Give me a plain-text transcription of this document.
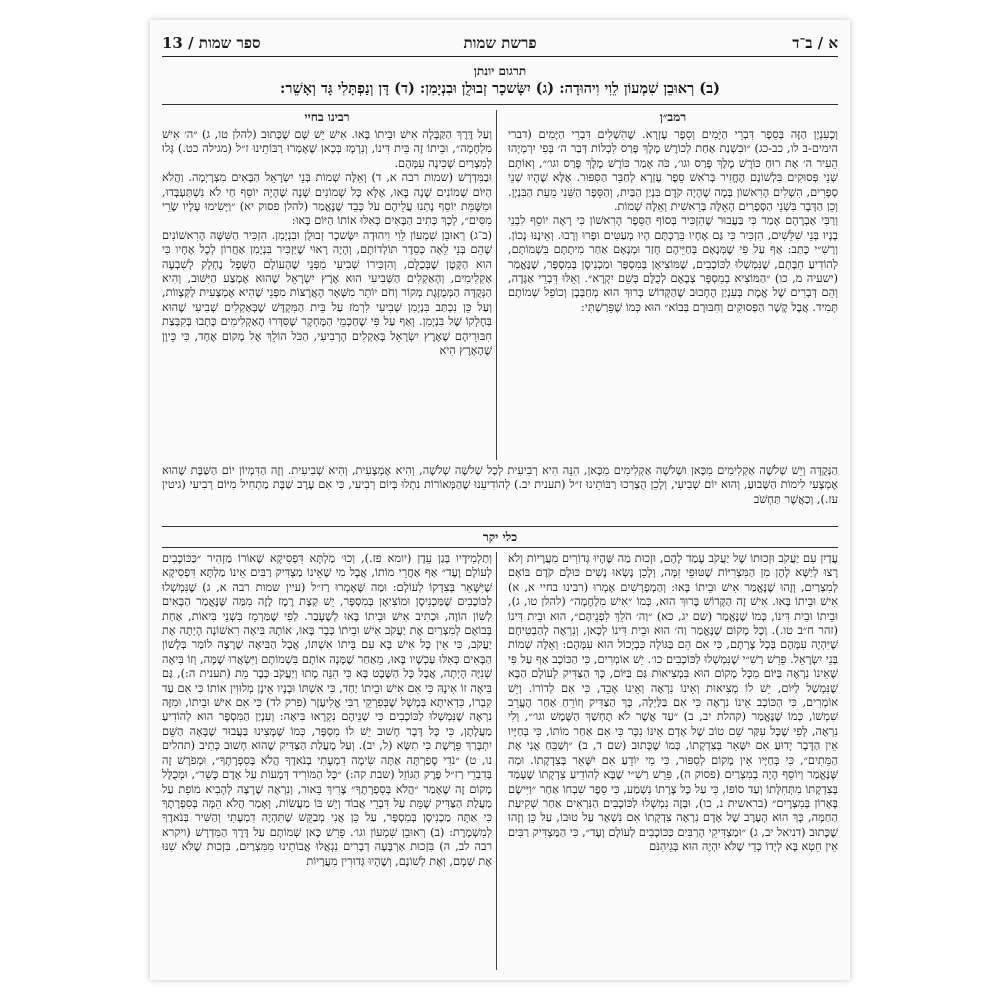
א / ב־ד
פרשת שמות
ספר שמות / 13
תרגום יונתן
(ב) רְאוּבֵן שִׁמְעוֹן לֵוִי וִיהוּדָה: (ג) יִשָּׂשכָר זְבוּלֻן וּבִנְיָמִן: (ד) דָּן וְנַפְתָּלִי גָּד וְאָשֵׁר:
רמב״ן

וְכָעִנְיָן הַזֶּה בְּסֵפֶר דִּבְרֵי הַיָּמִים וְסֵפֶר עֶזְרָא. שֶׁהִשְׁלִים דִּבְרֵי הַיָּמִים (דברי הימים-ב לו, כב-כג) ״וּבִשְׁנַת אַחַת לְכוֹרֶשׁ מֶלֶךְ פָּרַס לִכְלוֹת דְּבַר ה׳ בְּפִי יִרְמְיָהוּ הֵעִיר ה׳ אֶת רוּחַ כּוֹרֶשׁ מֶלֶךְ פָּרַס וגו׳, כֹּה אָמַר כּוֹרֶשׁ מֶלֶךְ פָּרַס וגו׳״, וְאוֹתָם שְׁנֵי פְּסוּקִים בִּלְשׁוֹנָם הֶחֱזִיר בְּרֹאשׁ סֵפֶר עֶזְרָא לְחַבֵּר הַסִּפּוּר. אֶלָּא שֶׁהָיוּ שְׁנֵי סְפָרִים, הִשְׁלִים הָרִאשׁוֹן בְּמָה שֶׁהָיָה קֹדֶם בִּנְיַן הַבַּיִת, וְהַסֵּפֶר הַשֵּׁנִי מֵעֵת הַבִּנְיָן. וְכֵן הַדָּבָר בִּשְׁנֵי הַסְּפָרִים הָאֵלֶּה בְּרֵאשִׁית וְאֵלֶּה שְׁמוֹת.

וְרַבִּי אַבְרָהָם אָמַר כִּי בַּעֲבוּר שֶׁהִזְכִּיר בְּסוֹף הַסֵּפֶר הָרִאשׁוֹן כִּי רָאָה יוֹסֵף לִבְנֵי בָנָיו בְּנֵי שִׁלֵּשִׁים, הִזְכִּיר כִּי גַּם אֶחָיו בֵּרַכְתָּם הָיוּ מְעַטִּים וּפָרוּ וְרָבוּ. וְאֵינֶנּוּ נָכוֹן. וְרַשִׁ״י כָּתַב: אַף עַל פִּי שֶׁמְּנָאָם בְּחַיֵּיהֶם חָזַר וּמְנָאָם אַחַר מִיתָתָם בִּשְׁמוֹתָם, לְהוֹדִיעַ חִבָּתָם, שֶׁנִּמְשְׁלוּ לַכּוֹכָבִים, שֶׁמּוֹצִיאָן בְּמִסְפָּר וּמַכְנִיסָן בְּמִסְפָּר, שֶׁנֶּאֱמַר (ישעיה מ, כו) ״הַמּוֹצִיא בְמִסְפָּר צְבָאָם לְכֻלָּם בְּשֵׁם יִקְרָא״. וְאֵלּוּ דִּבְרֵי אַגָּדָה, וְהֵם דְּבָרִים שֶׁל אֱמֶת בְּעִנְיַן הֶחָבוּב שֶׁהַקָּדוֹשׁ בָּרוּךְ הוּא מְחַבְּבָן וְכוֹפֵל שְׁמוֹתָם תָּמִיד. אֲבָל קֶשֶׁר הַפְּסוּקִים וְחִבּוּרָם בְּבוֹא״ הוּא כְּמוֹ שֶׁפֵּרַשְׁתִּי:

רבינו בחיי

וְעַל דֶּרֶךְ הַקַּבָּלָה אִישׁ וּבֵיתוֹ בָּאוּ. אִישׁ יֵשׁ שָׁם שֶׁכָּתוּב (להלן טו, ג) ״ה׳ אִישׁ מִלְחָמָה״, וּבֵיתוֹ זֶה בֵּית דִּינוֹ, וְנִרְמָז בְּכָאן שֶׁאָמְרוּ רַבּוֹתֵינוּ ז״ל (מגילה כט.) גָּלוּ לְמִצְרַיִם שְׁכִינָה עִמָּהֶם.

וּבַמִּדְרָשׁ (שמות רבה א, ד) וְאֵלֶּה שְׁמוֹת בְּנֵי יִשְׂרָאֵל הַבָּאִים מִצְרָיְמָה. וַהֲלֹא הַיּוֹם שְׁמוֹנִים שָׁנָה בָּאוּ, אֶלָּא כָּל שְׁמוֹנִים שָׁנָה שֶׁהָיָה יוֹסֵף חַי לֹא נִשְׁתַּעְבְּדוּ, וּמִשֶּׁמֵּת יוֹסֵף נָתְנוּ עֲלֵיהֶם עֹל כָּבֵד שֶׁנֶּאֱמַר (להלן פסוק יא) ״וַיָּשִׂימוּ עָלָיו שָׂרֵי מִסִּים״, לְכָךְ כְּתִיב הַבָּאִים כְּאִלּוּ אוֹתוֹ הַיּוֹם בָּאוּ:

(ב־ג) רְאוּבֵן שִׁמְעוֹן לֵוִי וִיהוּדָה יִשָּׂשכָר זְבוּלֻן וּבִנְיָמִן. הִזְכִּיר הַשִּׁשָּׁה הָרִאשׁוֹנִים שֶׁהֵם בְּנֵי לֵאָה כְּסֵדֶר תּוֹלְדוֹתָם, וְהָיָה רָאוּי שֶׁיַּזְכִּיר בִּנְיָמִן אַחֲרוֹן לְכָל אֶחָיו כִּי הוּא הַקָּטָן שֶׁבְּכֻלָּם, וְהִזְכִּירוֹ שְׁבִיעִי מִפְּנֵי שֶׁהָעוֹלָם הַשָּׁפָל נֶחְלָק לְשִׁבְעָה אַקְלִימִים, וְהָאַקְלִים הַשְּׁבִיעִי הוּא אֶרֶץ יִשְׂרָאֵל שֶׁהוּא אֶמְצַע הַיִּשּׁוּב, וְהִיא הַנְּקֻדָּה הַמְּמֻזֶּגֶת מְקוֹר וְחֹם יוֹתֵר מִשְּׁאָר הָאֲרָצוֹת מִפְּנֵי שֶׁהִיא אֶמְצָעִית לַקְּצָווֹת, וְעַל כֵּן נִכְתַּב בִּנְיָמִן שְׁבִיעִי לִרְמֹז עַל בֵּית הַמִּקְדָּשׁ שֶׁבָּאַקְלִים שְׁבִיעִי שֶׁהוּא בְּחֶלְקוֹ שֶׁל בִּנְיָמִן. וְאַף עַל פִּי שֶׁחַכְמֵי הַמֶּחְקָר שֶׁסִּדְּרוּ הָאַקְלִימִים כָּתְבוּ בְּקִבְּצַת חִבּוּרֵיהֶם שֶׁאֶרֶץ יִשְׂרָאֵל בָּאַקְלִים הָרְבִיעִי, הַכֹּל הוֹלֵךְ אֶל מָקוֹם אֶחָד, כִּי כֵּיוָן שֶׁהָאָרֶץ הִיא

הַנְּקֻדָּה וְיֵשׁ שְׁלֹשָׁה אַקְלִימִים מִכָּאן וּשְׁלֹשָׁה אַקְלִימִים מִכָּאן, הִנֵּה הִיא רְבִיעִית לְכָל שְׁלֹשָׁה שְׁלֹשָׁה, וְהִיא אֶמְצָעִית, וְהִיא שְׁבִיעִית. וְזֶה הַדִּמְיוֹן יוֹם הַשַּׁבָּת שֶׁהוּא אֶמְצָעִי לִימוֹת הַשָּׁבוּעַ, וְהוּא יוֹם שְׁבִיעִי, וְלָכֵן הֻצְרְכוּ רַבּוֹתֵינוּ ז״ל (תענית יב.) לְהוֹדִיעֵנוּ שֶׁהַמְּאוֹרוֹת נִתְלוּ בְּיוֹם רְבִיעִי, כִּי אִם עֶרֶב שַׁבָּת מַתְחִיל מִיּוֹם רְבִיעִי (גיטין עז.), וְכַאֲשֶׁר תַּחְשֹׁב
כלי יקר
עֲדַיִן עִם יַעֲקֹב וּזְכוּתוֹ שֶׁל יַעֲקֹב עָמַד לָהֶם, וּזְכוּת מַה שֶּׁהָיוּ גְּדוֹרִים מִעֲרָיוֹת וְלֹא רָצוּ לְיַשָּׁא לָהֶן מִן הַמִּצְרִיּוֹת שֶׁטּוּפֵי זִמָּה, וְלָכֵן נָשְׂאוּ נָשִׁים כּוּלָם קֹדֶם בּוֹאָם לְמִצְרַיִם, וְזֶהוּ שֶׁנֶּאֱמַר אִישׁ וּבֵיתוֹ בָּאוּ: וְהַמְפָרְשִׁים אָמְרוּ (רבינו בחיי א, א) אִישׁ וּבֵיתוֹ בָּאוּ. אִישׁ זֶה הַקָּדוֹשׁ בָּרוּךְ הוּא, כְּמוֹ ״אִישׁ מִלְחָמָה״ (להלן טו, ג), וּבֵיתוֹ וּבֵית דִּינוֹ, כְּמוֹ שֶׁנֶּאֱמַר (שם יג, כא) ״וַה׳ הֹלֵךְ לִפְנֵיהֶם״, הוּא וּבֵית דִּינוֹ (זהר ח״ב טו.). וְכָל מָקוֹם שֶׁנֶּאֱמַר וַה׳ הוּא וּבֵית דִּינוֹ לְכָאן, וְנִרְאֶה לְהַבְטִיחָם שֶׁיִּהְיֶה עִמָּהֶם בְּכָל צָרָתָם, כִּי אִם הֵם בַּגּוֹלָה כִּבְיָכוֹל הוּא עִמָּהֶם: וְאֵלֶּה שְׁמוֹת בְּנֵי יִשְׂרָאֵל. פֵּרֵשׁ רַשִׁ״י שֶׁנִּמְשְׁלוּ לַכּוֹכָבִים כו׳. יֵשׁ אוֹמְרִים, כִּי הַכּוֹכָב אַף עַל פִּי שֶׁאֵינוֹ נִרְאֶה בַּיּוֹם מִכָּל מָקוֹם הוּא בִּמְצִיאוּת גַּם בַּיּוֹם, כָּךְ הַצַּדִּיק לְעוֹלָם הַבָּא שֶׁנִּמְשַׁל לַיּוֹם, יֵשׁ לוֹ מְצִיאוּת וְאֵינוֹ נִרְאֶה וְאֵינוֹ אָבֵד, כִּי אִם לְדוֹרוֹ. וְיֵשׁ אוֹמְרִים, כִּי הַכּוֹכָב אֵינוֹ נִרְאֶה כִּי אִם בַּלַּיְלָה, כָּךְ הַצַּדִּיק וְזוֹרֵחַ אַחַר הֶעֱרֵב שִׁמְשׁוֹ, כְּמוֹ שֶׁנֶּאֱמַר (קהלת יב, ב) ״עַד אֲשֶׁר לֹא תֶחְשַׁךְ הַשֶּׁמֶשׁ וגו׳״, וְלִי נִרְאֶה, לְפִי שֶׁכָּל עִקַּר שֵׁם טוֹב שֶׁל אָדָם אֵינוֹ נִכָּר כִּי אִם אַחַר מוֹתוֹ, כִּי בְּחַיָּיו אֵין הַדָּבָר יָדוּעַ אִם יִשָּׁאֵר בְּצִדְקָתוֹ, כְּמוֹ שֶׁכָּתוּב (שם ד, ב) ״וְשַׁבֵּחַ אֲנִי אֶת הַמֵּתִים״, כִּי בְּחַיָּיו אֵין מָקוֹם לְסִפּוּר, כִּי מִי יוֹדֵעַ אִם יִשָּׁאֵר בְּצִדְקָתוֹ. וּמַה שֶּׁנֶּאֱמַר וְיוֹסֵף הָיָה בְמִצְרַיִם (פסוק ה), פֵּרֵשׁ רַשִׁ״י שֶׁבָּא לְהוֹדִיעַ צִדְקָתוֹ שֶׁעָמַד בְּצִדְקָתוֹ מִתְּחִלָּתוֹ וְעַד סוֹפוֹ, כִּי עַל כָּל צָרָתוֹ נִשְׁמַע, כִּי סֵפֶר שִׁבְחוֹ אַחַר ״וַיִּישֶׂם בָּאָרוֹן בְּמִצְרָיִם״ (בראשית נ, כו), וּבְזֶה נִמְשְׁלוּ לַכּוֹכָבִים הַנִּרְאִים אַחַר שְׁקִיעַת הַחַמָּה, כָּךְ הוּא הָעֶרֶב שֶׁל אָדָם נִרְאֶה צִדְקָתוֹ אִם נִשְׁאַר עַל טוּבוֹ, עַל כֵּן וְזֶהוּ שֶׁכָּתוּב (דניאל יב, ג) ״וּמַצְדִּיקֵי הָרַבִּים כַּכּוֹכָבִים לְעוֹלָם וָעֶד״, כִּי הַמַּצְדִּיק רַבִּים אֵין חֵטְא בָּא לְיָדוֹ כְּדֵי שֶׁלֹּא יִהְיֶה הוּא בְּגֵיהִנֹּם
וְתַלְמִידָיו בְּגַן עֵדֶן (יומא פז.), וְכוּ׳ מַלְתָּא דִּפְסִיקָא שֶׁאוֹרוֹ מַזְהִיר ״כַּכּוֹכָבִים לְעוֹלָם וָעֶד״ אַף אַחֲרֵי מוֹתוֹ, אֲבָל מִי שֶׁאֵינוֹ מַצְדִּיק רַבִּים אֵינוֹ מַלְתָּא דִּפְסִיקָא שֶׁיִּשָּׁאֵר בְּצִדְקוֹ לְעוֹלָם: וּמַה שֶּׁאָמְרוּ רַז״ל (עיין שמות רבה א, ג) שֶׁנִּמְשְׁלוּ לַכּוֹכָבִים שֶׁמַּכְנִיסָן וּמוֹצִיאָן בְּמִסְפָּר, יֵשׁ קְצָת רֶמֶז לָזֶה מִמַּה שֶּׁנֶּאֱמַר הַבָּאִים לְשׁוֹן הוֹוֶה, וּכְתִיב אִישׁ וּבֵיתוֹ בָּאוּ לְשֶׁעָבַר. לְפִי שֶׁמַּרְמֵז בִּשְׁנֵי בִּיאוֹת, אַחַת בְּבוֹאָם לְמִצְרַיִם אֶת יַעֲקֹב אִישׁ וּבֵיתוֹ כְּבָר בָּאוּ, אוֹתָהּ בִּיאָה רִאשׁוֹנָה הָיְתָה אֶת יַעֲקֹב, כִּי אֵין כָּל אִישׁ בָּא עִם בֵּיתוֹ אִשְׁתּוֹ, אֲבָל הַבִּיאָה שֶׁרָצָה לוֹמַר בְּלָשׁוֹן הַבָּאִים כְּאִלּוּ עַכְשָׁיו בָּאוּ, מֵאַחַר שֶׁמָּנָה אוֹתָם בִּשְׁמוֹתָם וַיִּשְׂאֲרוּ שָׁמָּה, וְזוֹ בִּיאָה שְׁנִיָּה הָיְתָה, אֲבָל כָּל הַשֶּׁבֶט בָּא כִּי הִנֵּה מָתוּ וְיַעֲקֹב כְּבָר מֵת (תענית ה:), גַּם בִּיאָה זוֹ אִינָהּ כִּי אִם אִישׁ וּבֵיתוֹ יַחַד, כִּי אִשְׁתּוֹ וּבָנָיו אֵינָן מְלוּוִין אוֹתוֹ כִּי אִם עַד קִבְרוֹ, כִּדְאִיתָא בְּמָשָׁל שֶׁבְּפִרְקֵי רַבִּי אֱלִיעֶזֶר (פרק לד) כִּי אִם אִישׁ וּבֵיתוֹ, וּמִזֶּה נִרְאֶה שֶׁנִּמְשְׁלוּ לַכּוֹכָבִים כִּי שְׁנֵיהֶם נִקְרָאוּ בִּיאָה: וְעִנְיַן הַמִּסְפָּר הוּא לְהוֹדִיעַ מַעֲלָתָן, כִּי כָּל דָּבָר חָשׁוּב יֵשׁ לוֹ מִסְפָּר, כְּמוֹ שֶׁמָּצִינוּ בַּעֲבוּר שֶׁבָּאָה הַשֵּׁם יִתְבָּרַךְ פֵּרֶשֶׁת כִּי תִשָּׂא (ל, יב). וְעַל מַעֲלַת הַצַּדִּיק שֶׁהוּא חָשׁוּב כְּתִיב (תהלים נו, ט) ״נֹדִי סָפַרְתָּה אַתָּה שִׂימָה דִמְעָתִי בְנֹאדֶךָ הֲלֹא בְּסִפְרָתֶךָ״, וּמְפֹרָשׁ זֶה בְּדִבְרֵי רַז״ל פֶּרֶק הַגּוֹזֵל (שבת קה:) ״כָּל הַמּוֹרִיד דְּמָעוֹת עַל אָדָם כָּשֵׁר״, וּמְכֻלָּל מָקוֹם זֶה שֶׁאָמַר ״הֲלֹא בְּסִפְרָתֶךָ״ צָרִיךְ בֵּאוּר, וְנִרְאֶה שֶׁרָצָה לְהָבִיא מוֹפֵת עַל מַעֲלַת הַצַּדִּיק שֶׁמֵּת עַל דִּבְרֵי אֲבוֹד וְיֵשׁ בּוֹ מַעֲשׂוֹת, וְאָמַר הֲלֹא הֵמָּה בְּסִפְרָתֶךָ כִּי אַתָּה מַכְנִיסָן בְּמִסְפָּר, עַל כֵּן אֲנִי מְבַקֵּשׁ שֶׁתִּהְיֶה דִמְעָתִי וְהַשִּׁיר בְּנֹאדֶךָ לְמִשְׁמֶרֶת: (ב) רְאוּבֵן שִׁמְעוֹן וגו׳. פֵּרֵשׁ כָּאן שְׁמוֹתָם עַל דֶּרֶךְ הַמִּדְרָשׁ (ויקרא רבה לב, ה) בִּזְכוּת אַרְבָּעָה דְבָרִים נִגְאֲלוּ אֲבוֹתֵינוּ מִמִּצְרַיִם, בִּזְכוּת שֶׁלֹּא שִׁנּוּ אֶת שְׁמָם, וְאֶת לְשׁוֹנָם, וְשֶׁהָיוּ גְּדוּרִין מִעֲרָיוֹת
